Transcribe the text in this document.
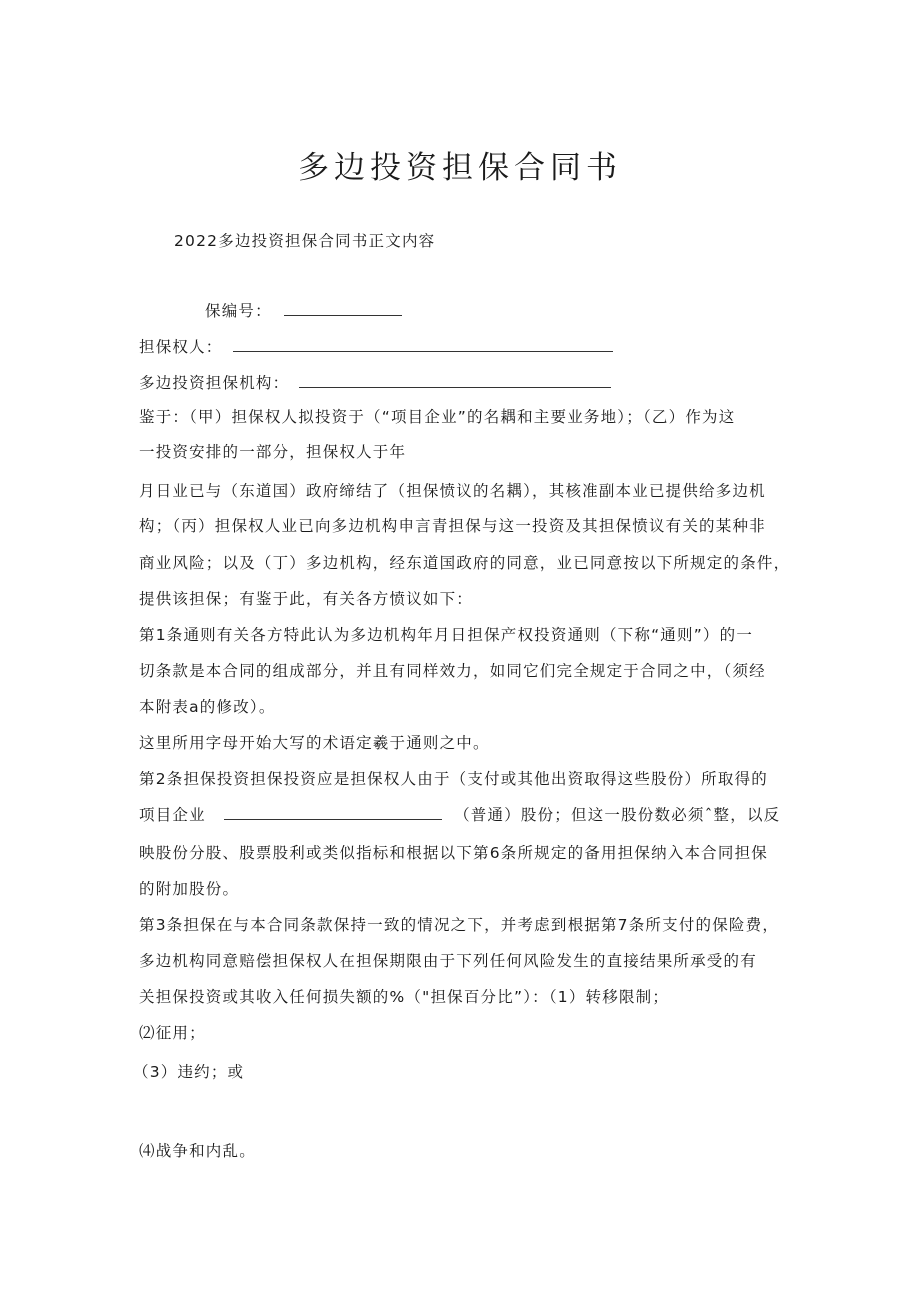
多边投资担保合同书
2022多边投资担保合同书正文内容
保编号：
担保权人：
多边投资担保机构：
鉴于：（甲）担保权人拟投资于（“项目企业”的名耦和主要业务地）；（乙）作为这
一投资安排的一部分，担保权人于年
月日业已与（东道国）政府缔结了（担保愤议的名耦），其核准副本业已提供给多边机
构；（丙）担保权人业已向多边机构申言青担保与这一投资及其担保愤议有关的某种非
商业风险；以及（丁）多边机构，经东道国政府的同意，业已同意按以下所规定的条件，
提供该担保；有鉴于此，有关各方愤议如下：
第1条通则有关各方特此认为多边机构年月日担保产权投资通则（下称“通则”）的一
切条款是本合同的组成部分，并且有同样效力，如同它们完全规定于合同之中，（须经
本附表a的修改）。
这里所用字母开始大写的术语定羲于通则之中。
第2条担保投资担保投资应是担保权人由于（支付或其他出资取得这些股份）所取得的
项目企业	（普通）股份；但这一股份数必须ˆ整，以反
映股份分股、股票股利或类似指标和根据以下第6条所规定的备用担保纳入本合同担保
的附加股份。
第3条担保在与本合同条款保持一致的情况之下，并考虑到根据第7条所支付的保险费，
多边机构同意赔偿担保权人在担保期限由于下列任何风险发生的直接结果所承受的有
关担保投资或其收入任何损失额的%（"担保百分比”）：（1）转移限制；
⑵征用；
（3）违约；或
⑷战争和内乱。
